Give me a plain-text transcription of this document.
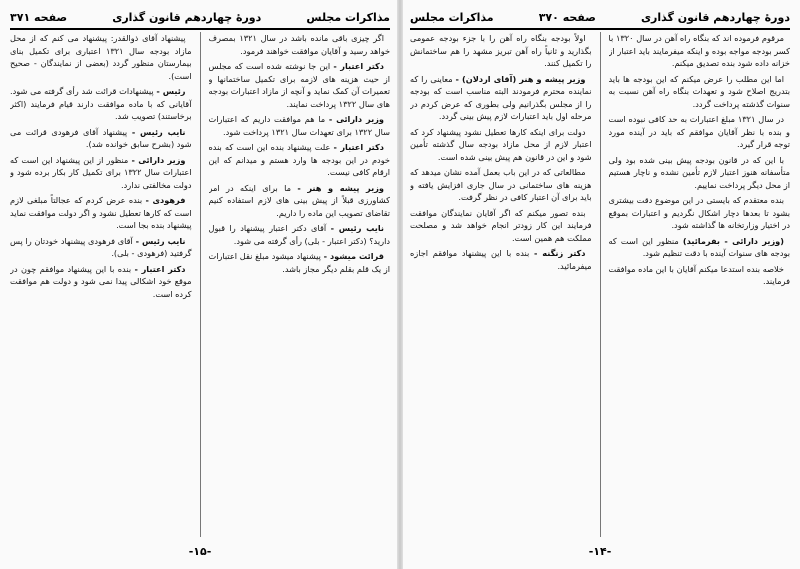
مذاکرات مجلس
دورهٔ چهاردهم قانون گذاری
صفحه ۳۷۱

اگر چیزی باقی مانده باشد در سال ۱۳۲۱ بمصرف خواهد رسید و آقایان موافقت خواهند فرمود.

دکتر اعتبار - این جا نوشته شده است که مجلس از حیث هزینه های لازمه برای تکمیل ساختمانها و تعمیرات آن کمک نماید و آنچه از مازاد اعتبارات بودجه های سال ۱۳۲۲ پرداخت نمایند.

وزیر دارائی - ما هم موافقت داریم که اعتبارات سال ۱۳۲۲ برای تعهدات سال ۱۳۲۱ پرداخت شود.

دکتر اعتبار - علت پیشنهاد بنده این است که بنده خودم در این بودجه ها وارد هستم و میدانم که این ارقام کافی نیست.

وزیر پیشه و هنر - ما برای اینکه در امر کشاورزی قبلاً از پیش بینی های لازم استفاده کنیم تقاضای تصویب این ماده را داریم.

نایب رئیس - آقای دکتر اعتبار پیشنهاد را قبول دارید؟ (دکتر اعتبار - بلی) رأی گرفته می شود.

قرائت میشود - پیشنهاد میشود مبلغ نقل اعتبارات از یک قلم بقلم دیگر مجاز باشد.

پیشنهاد آقای ذوالقدر: پیشنهاد می کنم که از محل مازاد بودجه سال ۱۳۲۱ اعتباری برای تکمیل بنای بیمارستان منظور گردد (بعضی از نمایندگان - صحیح است).

رئیس - پیشنهادات قرائت شد رأی گرفته می شود. آقایانی که با ماده موافقت دارند قیام فرمایند (اکثر برخاستند) تصویب شد.

نایب رئیس - پیشنهاد آقای فرهودی قرائت می شود (بشرح سابق خوانده شد).

وزیر دارائی - منظور از این پیشنهاد این است که اعتبارات سال ۱۳۲۲ برای تکمیل کار بکار برده شود و دولت مخالفتی ندارد.

فرهودی - بنده عرض کردم که عجالتاً مبلغی لازم است که کارها تعطیل نشود و اگر دولت موافقت نماید پیشنهاد بنده بجا است.

نایب رئیس - آقای فرهودی پیشنهاد خودتان را پس گرفتید (فرهودی - بلی).

دکتر اعتبار - بنده با این پیشنهاد موافقم چون در موقع خود اشکالی پیدا نمی شود و دولت هم موافقت کرده است.

-۱۵-
دورهٔ چهاردهم قانون گذاری
صفحه ۳۷۰
مذاکرات مجلس

مرقوم فرموده اند که بنگاه راه آهن در سال ۱۳۲۰ با کسر بودجه مواجه بوده و اینکه میفرمایند باید اعتبار از خزانه داده شود بنده تصدیق میکنم.

اما این مطلب را عرض میکنم که این بودجه ها باید بتدریج اصلاح شود و تعهدات بنگاه راه آهن نسبت به سنوات گذشته پرداخت گردد.

در سال ۱۳۲۱ مبلغ اعتبارات به حد کافی نبوده است و بنده با نظر آقایان موافقم که باید در آینده مورد توجه قرار گیرد.

با این که در قانون بودجه پیش بینی شده بود ولی متأسفانه هنوز اعتبار لازم تأمین نشده و ناچار هستیم از محل دیگر پرداخت نماییم.

بنده معتقدم که بایستی در این موضوع دقت بیشتری بشود تا بعدها دچار اشکال نگردیم و اعتبارات بموقع در اختیار وزارتخانه ها گذاشته شود.

(وزیر دارائی - بفرمائید) منظور این است که بودجه های سنوات آینده با دقت تنظیم شود.

خلاصه بنده استدعا میکنم آقایان با این ماده موافقت فرمایند.

اولاً بودجه بنگاه راه آهن را با جزء بودجه عمومی بگذارید و ثانیاً راه آهن تبریز مشهد را هم ساختمانش را تکمیل کنند.

وزیر پیشه و هنر (آقای اردلان) - معاینی را که نماینده محترم فرمودند البته مناسب است که بودجه را از مجلس بگذرانیم ولی بطوری که عرض کردم در مرحله اول باید اعتبارات لازم پیش بینی گردد.

دولت برای اینکه کارها تعطیل نشود پیشنهاد کرد که اعتبار لازم از محل مازاد بودجه سال گذشته تأمین شود و این در قانون هم پیش بینی شده است.

مطالعاتی که در این باب بعمل آمده نشان میدهد که هزینه های ساختمانی در سال جاری افزایش یافته و باید برای آن اعتبار کافی در نظر گرفت.

بنده تصور میکنم که اگر آقایان نمایندگان موافقت فرمایند این کار زودتر انجام خواهد شد و مصلحت مملکت هم همین است.

دکتر زنگنه - بنده با این پیشنهاد موافقم اجازه میفرمائید.

-۱۴-
